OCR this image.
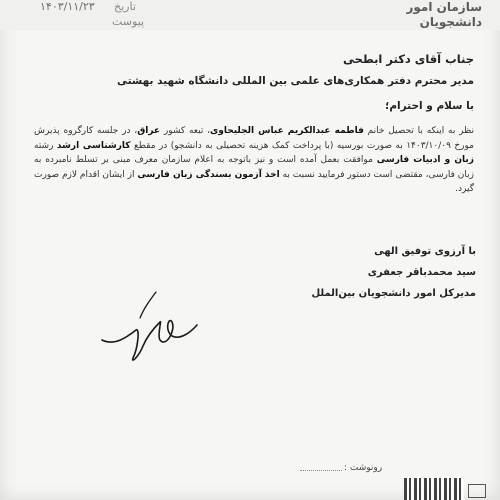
۱۴۰۳/۱۱/۲۳ تاریخ
پیوست
سازمان امور
دانشجویان
جناب آقای دکتر ابطحی
مدیر محترم دفتر همکاری‌های علمی بین المللی دانشگاه شهید بهشتی
با سلام و احترام؛
نظر به اینکه با تحصیل خانم فاطمه عبدالکریم عباس الجلیحاوی، تبعه کشور عراق، در جلسه کارگروه پذیرش مورخ ۱۴۰۳/۱۰/۰۹ به صورت بورسیه (با پرداخت کمک هزینه تحصیلی به دانشجو) در مقطع کارشناسی ارشد رشته زبان و ادبیات فارسی موافقت بعمل آمده است و نیز باتوجه به اعلام سازمان معرف مبنی بر تسلط نامبرده به زبان فارسی، مقتضی است دستور فرمایید نسبت به اخذ آزمون بسندگی زبان فارسی از ایشان اقدام لازم صورت گیرد.
با آرزوی توفیق الهی
سید محمدباقر جعفری
مدیرکل امور دانشجویان بین‌الملل
رونوشت :
